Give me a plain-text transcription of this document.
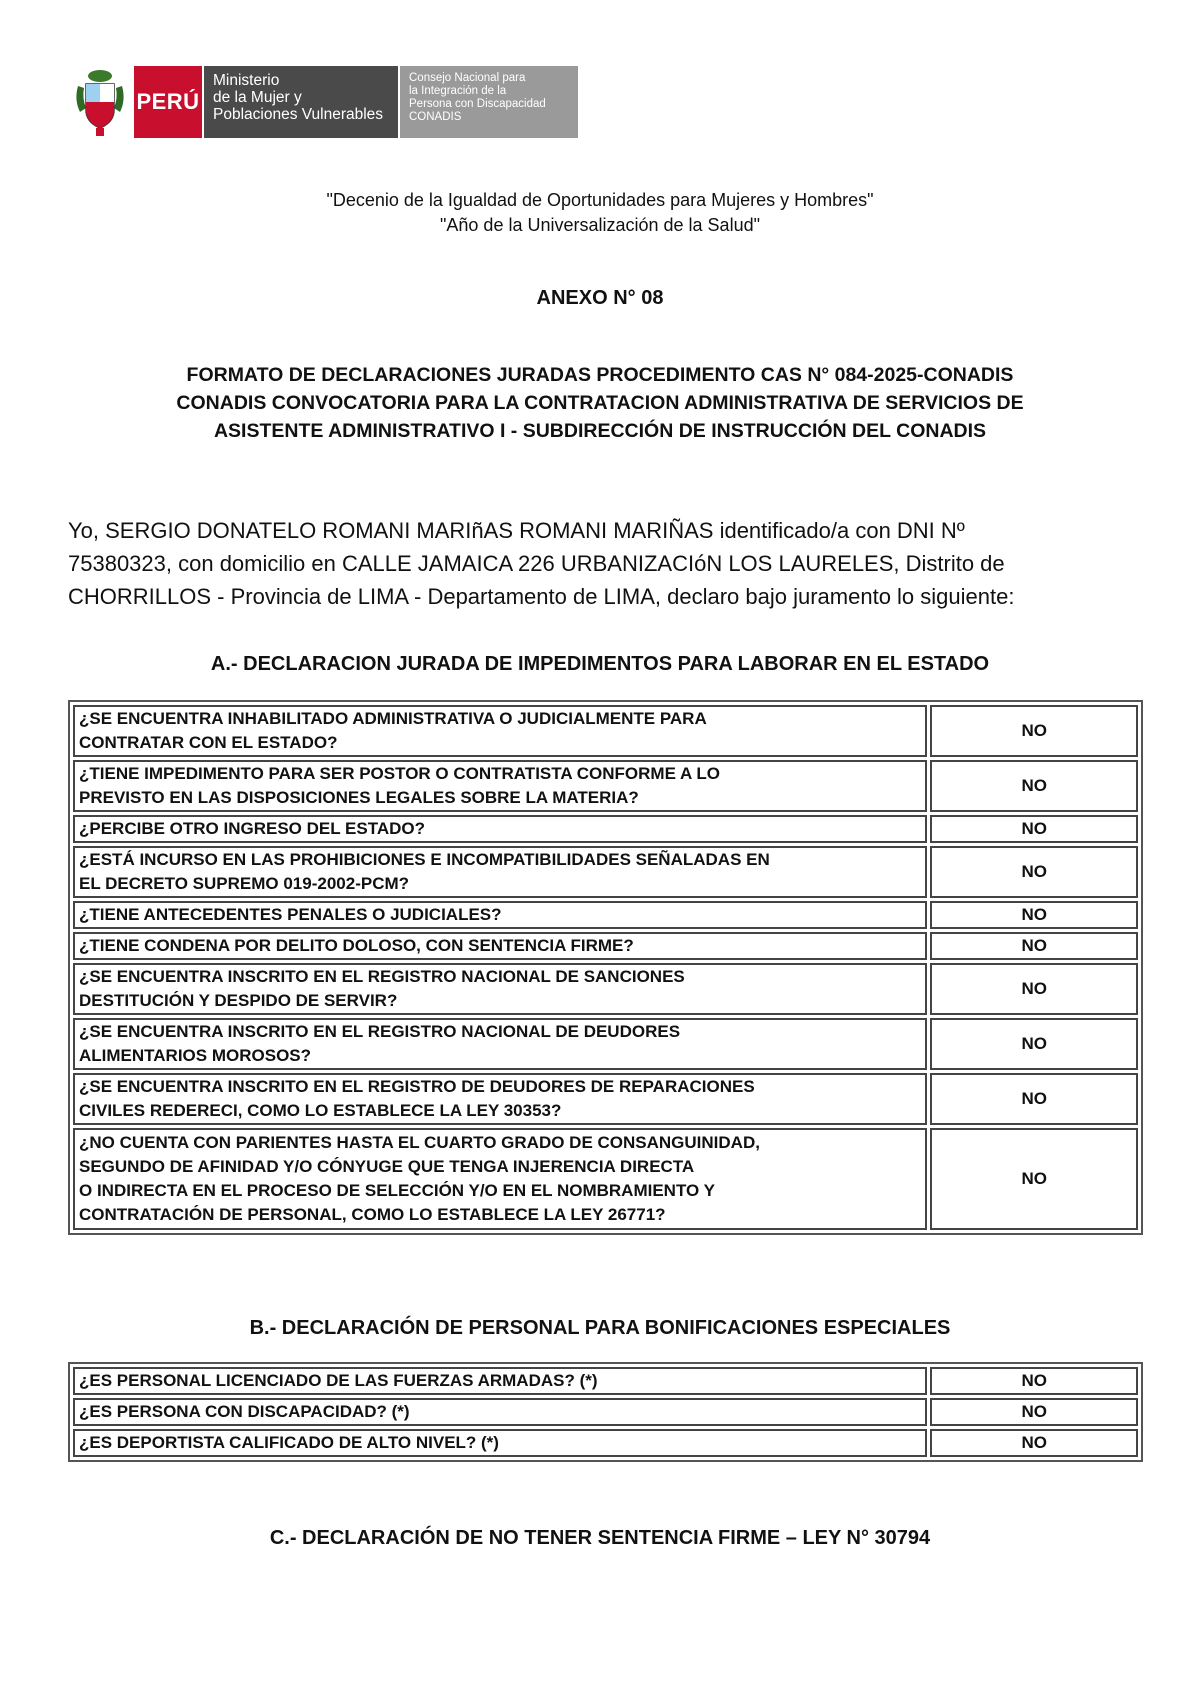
PERÚ
Ministerio
de la Mujer y
Poblaciones Vulnerables
Consejo Nacional para
la Integración de la
Persona con Discapacidad
CONADIS
"Decenio de la Igualdad de Oportunidades para Mujeres y Hombres"
"Año de la Universalización de la Salud"
ANEXO N° 08
FORMATO DE DECLARACIONES JURADAS PROCEDIMENTO CAS N° 084-2025-CONADIS
CONADIS CONVOCATORIA PARA LA CONTRATACION ADMINISTRATIVA DE SERVICIOS DE
ASISTENTE ADMINISTRATIVO I - SUBDIRECCIÓN DE INSTRUCCIÓN DEL CONADIS
Yo, SERGIO DONATELO ROMANI MARIñAS ROMANI MARIÑAS identificado/a con DNI Nº
75380323, con domicilio en CALLE JAMAICA 226 URBANIZACIóN LOS LAURELES, Distrito de
CHORRILLOS - Provincia de LIMA - Departamento de LIMA, declaro bajo juramento lo siguiente:
A.- DECLARACION JURADA DE IMPEDIMENTOS PARA LABORAR EN EL ESTADO
¿SE ENCUENTRA INHABILITADO ADMINISTRATIVA O JUDICIALMENTE PARA
CONTRATAR CON EL ESTADO?	NO

¿TIENE IMPEDIMENTO PARA SER POSTOR O CONTRATISTA CONFORME A LO
PREVISTO EN LAS DISPOSICIONES LEGALES SOBRE LA MATERIA?	NO

¿PERCIBE OTRO INGRESO DEL ESTADO?	NO

¿ESTÁ INCURSO EN LAS PROHIBICIONES E INCOMPATIBILIDADES SEÑALADAS EN
EL DECRETO SUPREMO 019-2002-PCM?	NO

¿TIENE ANTECEDENTES PENALES O JUDICIALES?	NO

¿TIENE CONDENA POR DELITO DOLOSO, CON SENTENCIA FIRME?	NO

¿SE ENCUENTRA INSCRITO EN EL REGISTRO NACIONAL DE SANCIONES
DESTITUCIÓN Y DESPIDO DE SERVIR?	NO

¿SE ENCUENTRA INSCRITO EN EL REGISTRO NACIONAL DE DEUDORES
ALIMENTARIOS MOROSOS?	NO

¿SE ENCUENTRA INSCRITO EN EL REGISTRO DE DEUDORES DE REPARACIONES
CIVILES REDERECI, COMO LO ESTABLECE LA LEY 30353?	NO

¿NO CUENTA CON PARIENTES HASTA EL CUARTO GRADO DE CONSANGUINIDAD,
SEGUNDO DE AFINIDAD Y/O CÓNYUGE QUE TENGA INJERENCIA DIRECTA
O INDIRECTA EN EL PROCESO DE SELECCIÓN Y/O EN EL NOMBRAMIENTO Y
CONTRATACIÓN DE PERSONAL, COMO LO ESTABLECE LA LEY 26771?	NO
B.- DECLARACIÓN DE PERSONAL PARA BONIFICACIONES ESPECIALES
¿ES PERSONAL LICENCIADO DE LAS FUERZAS ARMADAS? (*)	NO

¿ES PERSONA CON DISCAPACIDAD? (*)	NO

¿ES DEPORTISTA CALIFICADO DE ALTO NIVEL? (*)	NO
C.- DECLARACIÓN DE NO TENER SENTENCIA FIRME – LEY N° 30794
